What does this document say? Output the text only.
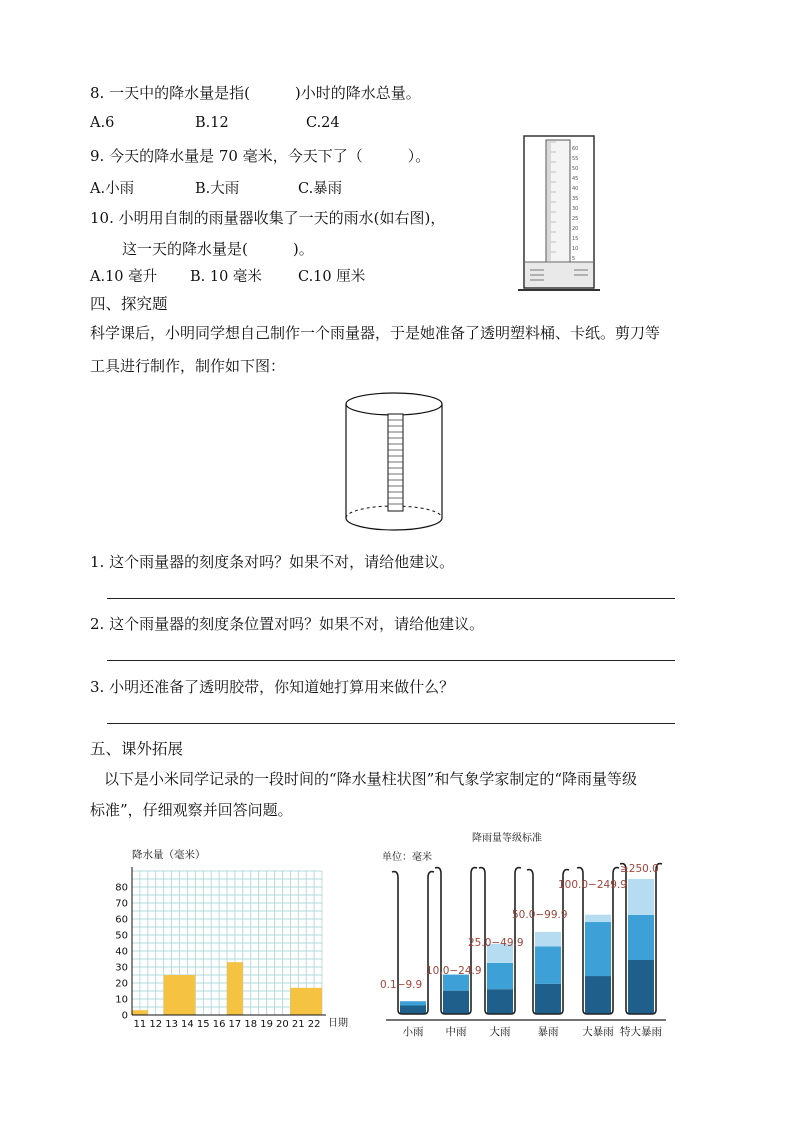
8. 一天中的降水量是指(　　　)小时的降水总量。
A.6	B.12	C.24
9. 今天的降水量是 70 毫米，今天下了（　　　）。
A.小雨	B.大雨	C.暴雨
10. 小明用自制的雨量器收集了一天的雨水(如右图)，
这一天的降水量是(　　　)。
A.10 毫升 B. 10 毫米 C.10 厘米
60
55
50
45
40
35
30
25
20
15
10
5
四、探究题
科学课后，小明同学想自己制作一个雨量器，于是她准备了透明塑料桶、卡纸。剪刀等
工具进行制作，制作如下图：
1. 这个雨量器的刻度条对吗？如果不对，请给他建议。
2. 这个雨量器的刻度条位置对吗？如果不对，请给他建议。
3. 小明还准备了透明胶带，你知道她打算用来做什么？
五、课外拓展
以下是小米同学记录的一段时间的“降水量柱状图”和气象学家制定的“降雨量等级
标准”，仔细观察并回答问题。
降水量（毫米）
0
10
20
30
40
50
60
70
80
11 12 13 14 15 16 17 18 19 20 21 22 日期
降雨量等级标准
单位：毫米
0.1−9.9
10.0−24.9
25.0−49.9
50.0−99.9
100.0−249.9
≥250.0
小雨 中雨 大雨	暴雨 大暴雨 特大暴雨
